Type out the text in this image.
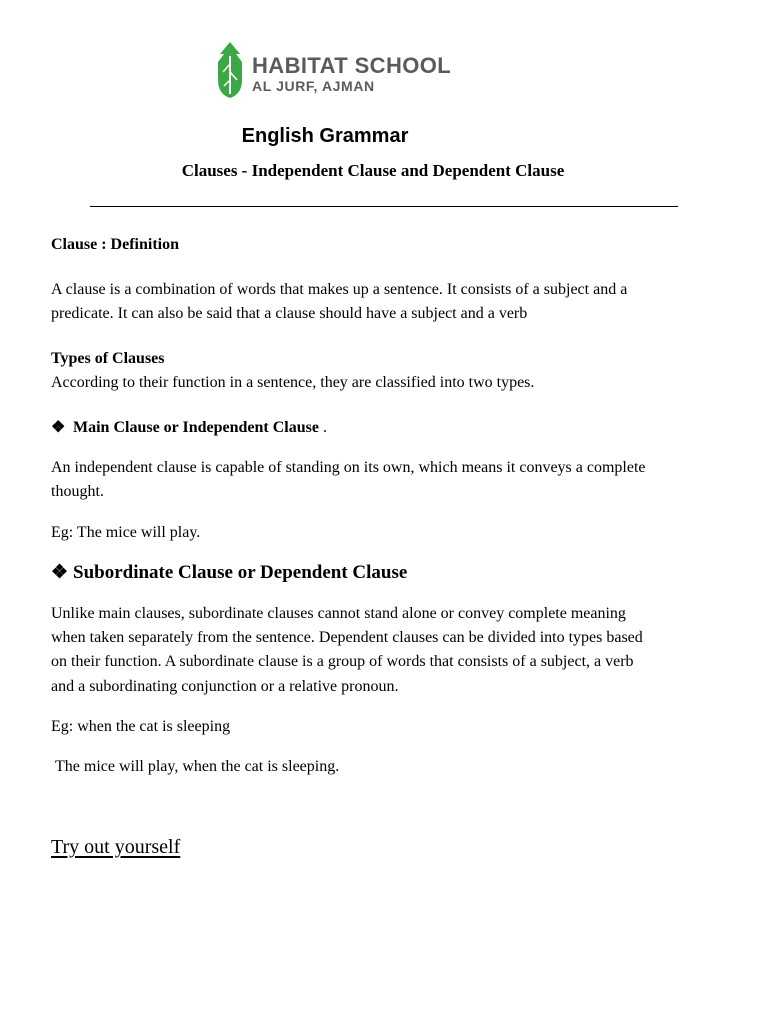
HABITAT SCHOOL
AL JURF, AJMAN
English Grammar
Clauses - Independent Clause and Dependent Clause
Clause : Definition
A clause is a combination of words that makes up a sentence. It consists of a subject and a
predicate. It can also be said that a clause should have a subject and a verb
Types of Clauses
According to their function in a sentence, they are classified into two types.
❖ Main Clause or Independent Clause .
An independent clause is capable of standing on its own, which means it conveys a complete
thought.
Eg: The mice will play.
❖ Subordinate Clause or Dependent Clause
Unlike main clauses, subordinate clauses cannot stand alone or convey complete meaning
when taken separately from the sentence. Dependent clauses can be divided into types based
on their function. A subordinate clause is a group of words that consists of a subject, a verb
and a subordinating conjunction or a relative pronoun.
Eg: when the cat is sleeping
The mice will play, when the cat is sleeping.
Try out yourself
